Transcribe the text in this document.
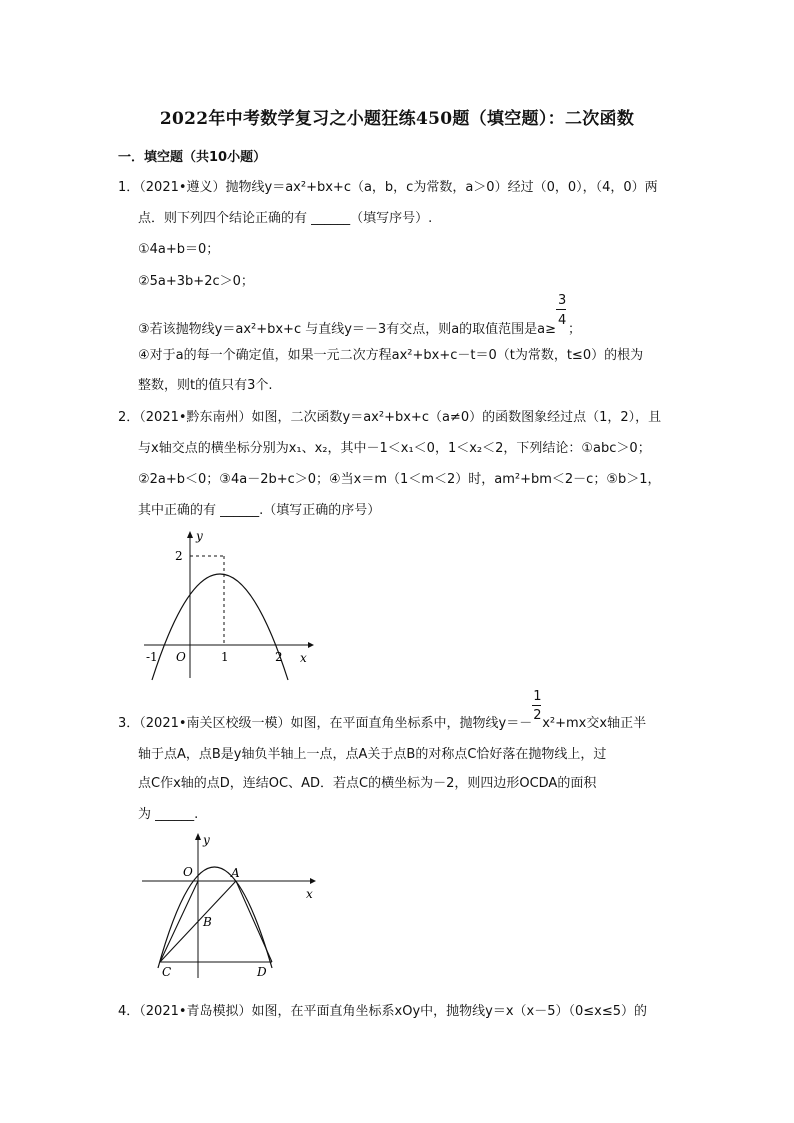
2022年中考数学复习之小题狂练450题（填空题）：二次函数
一．填空题（共10小题）
1．（2021•遵义）抛物线y＝ax²+bx+c（a，b，c为常数，a＞0）经过（0，0），（4，0）两
点．则下列四个结论正确的有 ______（填写序号）.
①4a+b＝0；
②5a+3b+2c＞0；
③若该抛物线y＝ax²+bx+c 与直线y＝－3有交点，则a的取值范围是$a\ge \frac{3}{4}$ ；
④对于a的每一个确定值，如果一元二次方程ax²+bx+c－t＝0（t为常数，t≤0）的根为
整数，则t的值只有3个.
2．（2021•黔东南州）如图，二次函数y＝ax²+bx+c（a≠0）的函数图象经过点（1，2），且
与x轴交点的横坐标分别为x₁、x₂，其中－1＜x₁＜0，1＜x₂＜2，下列结论：①abc＞0；
②2a+b＜0；③4a－2b+c＞0；④当x＝m（1＜m＜2）时，am²+bm＜2－c；⑤b＞1，
其中正确的有 ______.（填写正确的序号）
y
x
O
-1	1	2
2
3．（2021•南关区校级一模）如图，在平面直角坐标系中，抛物线$y=- \frac{1}{2} x^2+mx$交x轴正半
轴于点A，点B是y轴负半轴上一点，点A关于点B的对称点C恰好落在抛物线上，过
点C作x轴的点D，连结OC、AD．若点C的横坐标为－2，则四边形OCDA的面积
为 ______.
y
x
O	A
B
C	D
4．（2021•青岛模拟）如图，在平面直角坐标系xOy中，抛物线y＝x（x－5）（0≤x≤5）的
